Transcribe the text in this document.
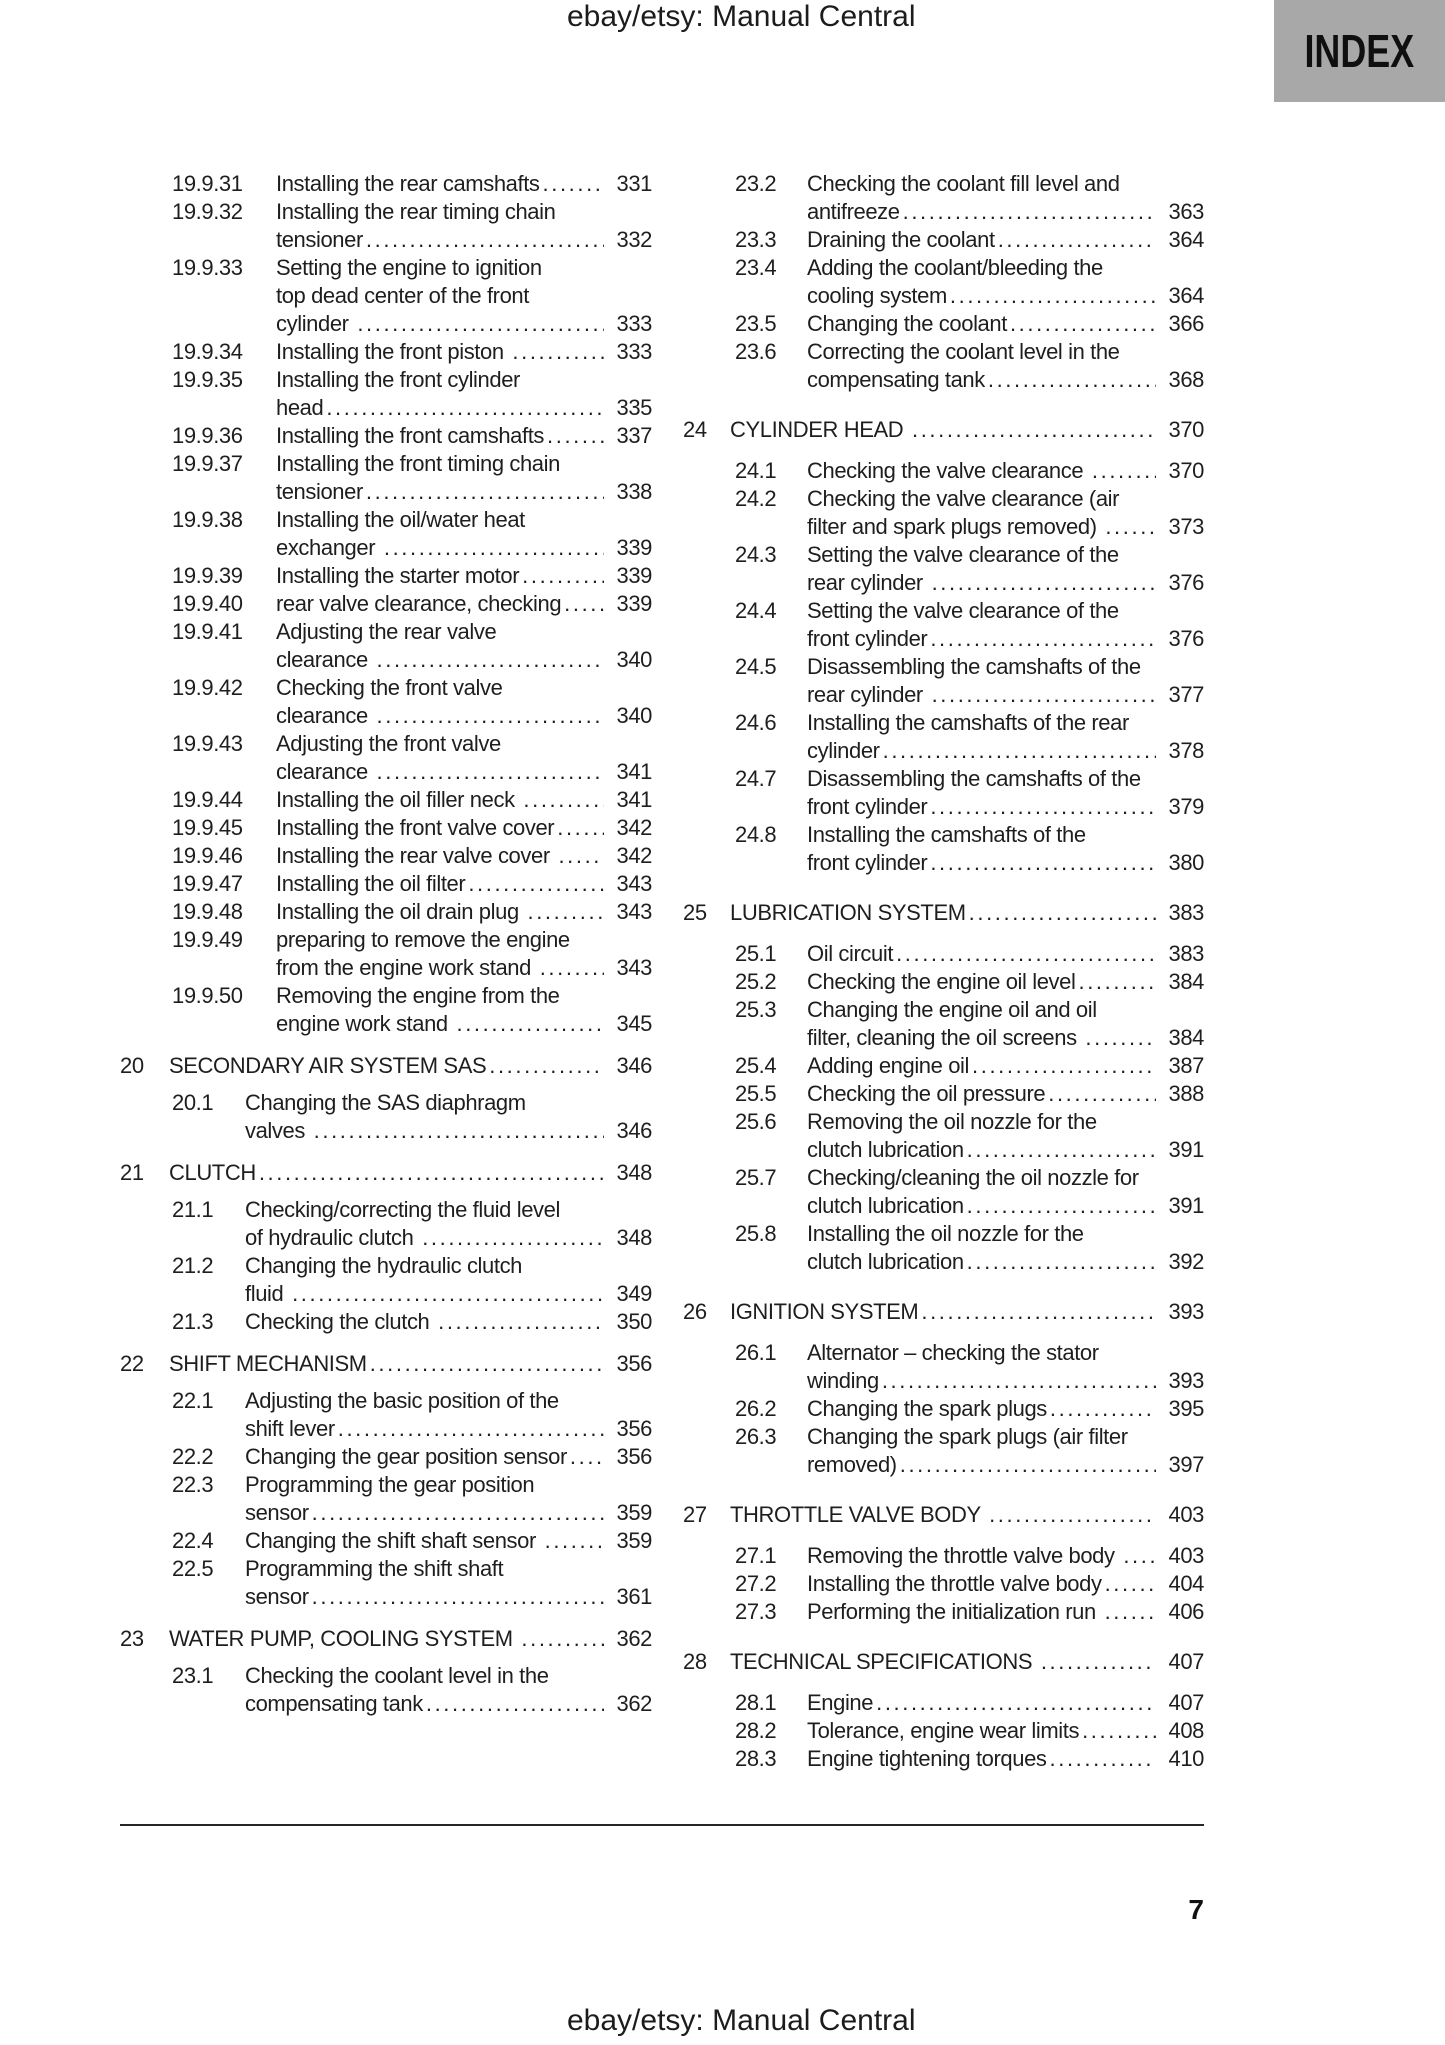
ebay/etsy: Manual Central
INDEX
19.9.31	Installing the rear camshafts .....	331
19.9.32	Installing the rear timing chain
tensioner .....	332
19.9.33	Setting the engine to ignition
top dead center of the front
cylinder .....	333
19.9.34	Installing the front piston .....	333
19.9.35	Installing the front cylinder
head .....	335
19.9.36	Installing the front camshafts .....	337
19.9.37	Installing the front timing chain
tensioner .....	338
19.9.38	Installing the oil/water heat
exchanger .....	339
19.9.39	Installing the starter motor .....	339
19.9.40	rear valve clearance, checking .....	339
19.9.41	Adjusting the rear valve
clearance .....	340
19.9.42	Checking the front valve
clearance .....	340
19.9.43	Adjusting the front valve
clearance .....	341
19.9.44	Installing the oil filler neck .....	341
19.9.45	Installing the front valve cover .....	342
19.9.46	Installing the rear valve cover .....	342
19.9.47	Installing the oil filter .....	343
19.9.48	Installing the oil drain plug .....	343
19.9.49	preparing to remove the engine
from the engine work stand .....	343
19.9.50	Removing the engine from the
engine work stand .....	345
20	SECONDARY AIR SYSTEM SAS .....	346
20.1	Changing the SAS diaphragm
valves .....	346
21	CLUTCH .....	348
21.1	Checking/correcting the fluid level
of hydraulic clutch .....	348
21.2	Changing the hydraulic clutch
fluid .....	349
21.3	Checking the clutch .....	350
22	SHIFT MECHANISM .....	356
22.1	Adjusting the basic position of the
shift lever .....	356
22.2	Changing the gear position sensor ..... 356
22.3	Programming the gear position
sensor .....	359
22.4	Changing the shift shaft sensor .....	359
22.5	Programming the shift shaft
sensor .....	361
23	WATER PUMP, COOLING SYSTEM .....	362
23.1	Checking the coolant level in the
compensating tank .....	362
23.2	Checking the coolant fill level and
antifreeze .....	363
23.3	Draining the coolant .....	364
23.4	Adding the coolant/bleeding the
cooling system .....	364
23.5	Changing the coolant .....	366
23.6	Correcting the coolant level in the
compensating tank .....	368
24	CYLINDER HEAD .....	370
24.1	Checking the valve clearance .....	370
24.2	Checking the valve clearance (air
filter and spark plugs removed) .....	373
24.3	Setting the valve clearance of the
rear cylinder .....	376
24.4	Setting the valve clearance of the
front cylinder .....	376
24.5	Disassembling the camshafts of the
rear cylinder .....	377
24.6	Installing the camshafts of the rear
cylinder .....	378
24.7	Disassembling the camshafts of the
front cylinder .....	379
24.8	Installing the camshafts of the
front cylinder .....	380
25	LUBRICATION SYSTEM .....	383
25.1	Oil circuit .....	383
25.2	Checking the engine oil level .....	384
25.3	Changing the engine oil and oil
filter, cleaning the oil screens .....	384
25.4	Adding engine oil .....	387
25.5	Checking the oil pressure .....	388
25.6	Removing the oil nozzle for the
clutch lubrication .....	391
25.7	Checking/cleaning the oil nozzle for
clutch lubrication .....	391
25.8	Installing the oil nozzle for the
clutch lubrication .....	392
26	IGNITION SYSTEM .....	393
26.1	Alternator – checking the stator
winding .....	393
26.2	Changing the spark plugs .....	395
26.3	Changing the spark plugs (air filter
removed) .....	397
27	THROTTLE VALVE BODY .....	403
27.1	Removing the throttle valve body ..... 403
27.2	Installing the throttle valve body .....	404
27.3	Performing the initialization run .....	406
28	TECHNICAL SPECIFICATIONS .....	407
28.1	Engine .....	407
28.2	Tolerance, engine wear limits .....	408
28.3	Engine tightening torques .....	410
7
ebay/etsy: Manual Central
